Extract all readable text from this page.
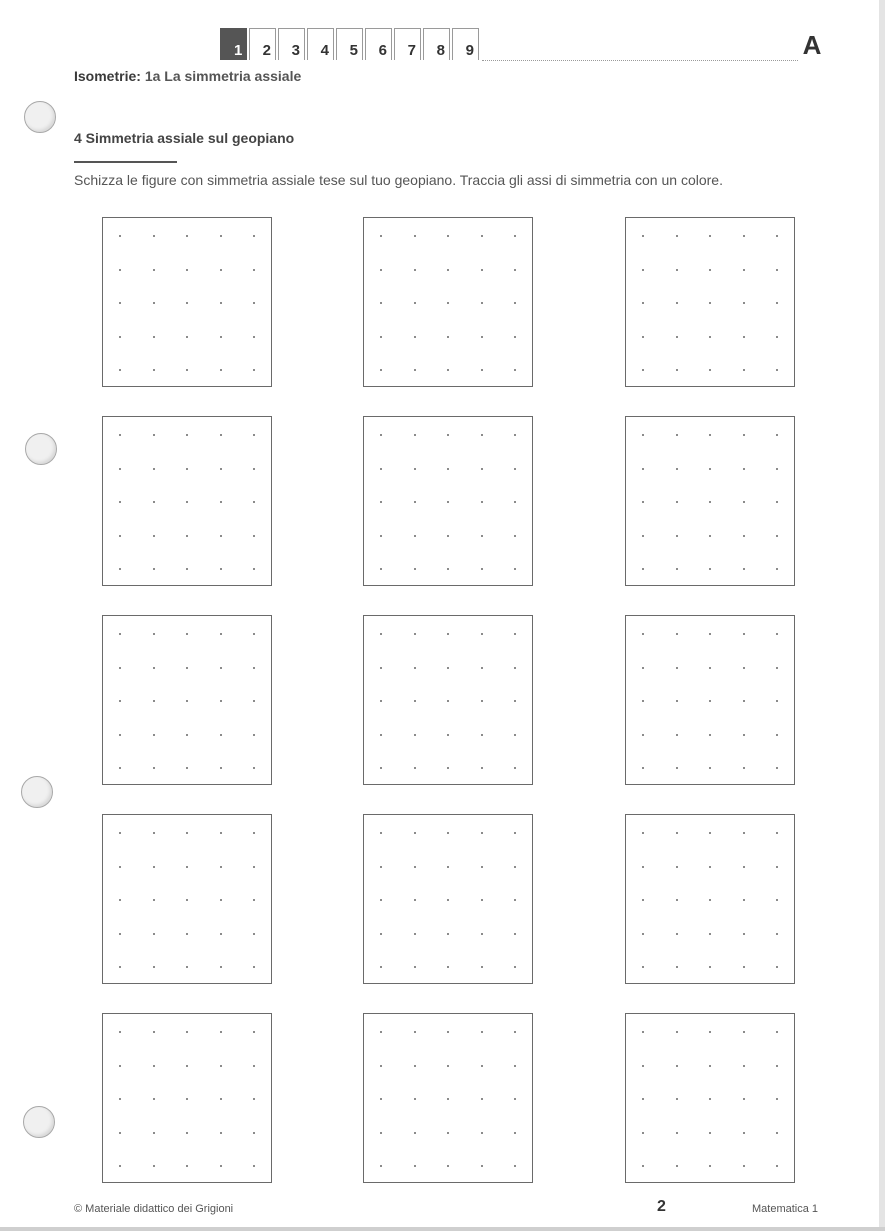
1 2 3 4 5 6 7 8 9	A
Isometrie: 1a La simmetria assiale
4 Simmetria assiale sul geopiano
Schizza le figure con simmetria assiale tese sul tuo geopiano. Traccia gli assi di simmetria con un colore.
© Materiale didattico dei Grigioni	2	Matematica 1
